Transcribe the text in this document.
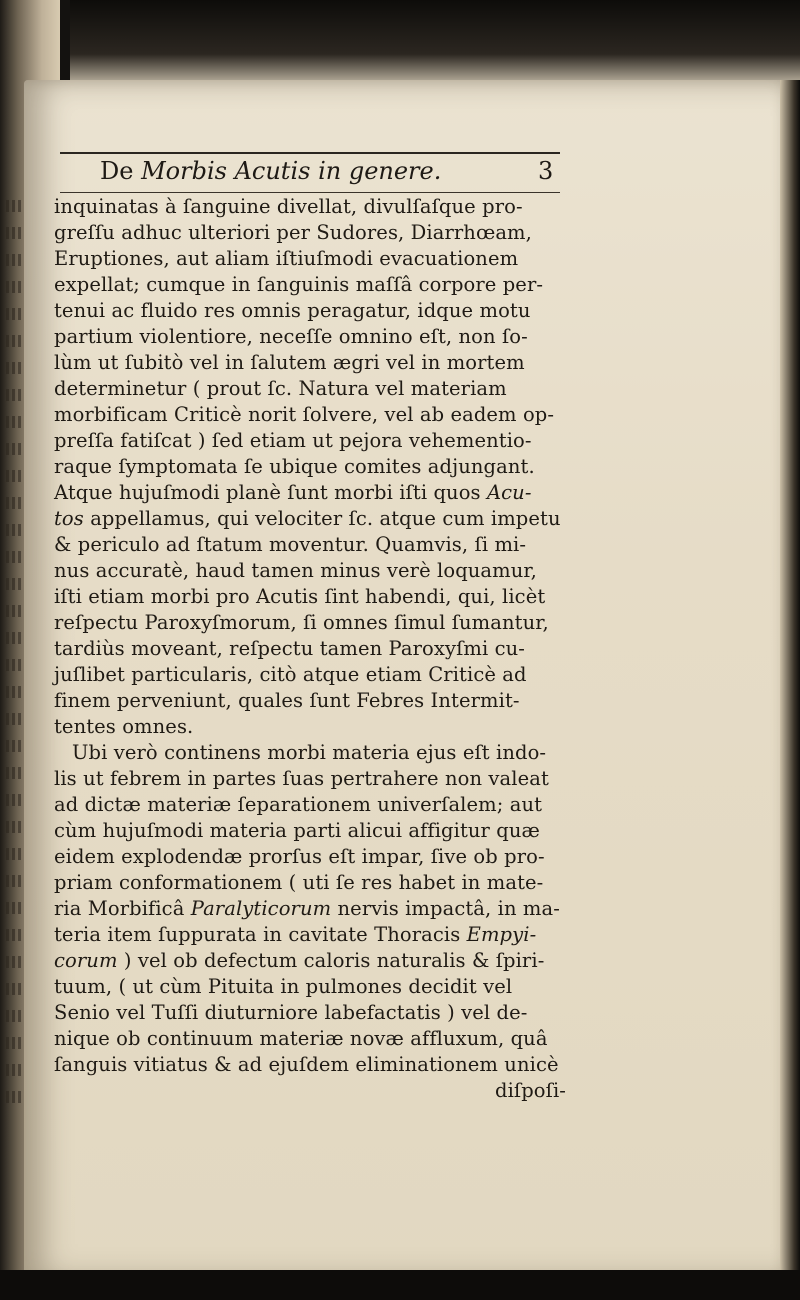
De Morbis Acutis in genere.	3
inquinatas à ſanguine divellat, divulſaſque pro-
greſſu adhuc ulteriori per Sudores, Diarrhœam,
Eruptiones, aut aliam iſtiuſmodi evacuationem
expellat; cumque in ſanguinis maſſâ corpore per-
tenui ac fluido res omnis peragatur, idque motu
partium violentiore, neceſſe omnino eſt, non ſo-
lùm ut ſubitò vel in ſalutem ægri vel in mortem
determinetur ( prout ſc. Natura vel materiam
morbificam Criticè norit ſolvere, vel ab eadem op-
preſſa fatiſcat ) ſed etiam ut pejora vehementio-
raque ſymptomata ſe ubique comites adjungant.
Atque hujuſmodi planè ſunt morbi iſti quos Acu-
tos appellamus, qui velociter ſc. atque cum impetu
& periculo ad ſtatum moventur. Quamvis, ſi mi-
nus accuratè, haud tamen minus verè loquamur,
iſti etiam morbi pro Acutis ſint habendi, qui, licèt
reſpectu Paroxyſmorum, ſi omnes ſimul ſumantur,
tardiùs moveant, reſpectu tamen Paroxyſmi cu-
juſlibet particularis, citò atque etiam Criticè ad
finem perveniunt, quales ſunt Febres Intermit-
tentes omnes.
Ubi verò continens morbi materia ejus eſt indo-
lis ut febrem in partes ſuas pertrahere non valeat
ad dictæ materiæ ſeparationem univerſalem; aut
cùm hujuſmodi materia parti alicui affigitur quæ
eidem explodendæ prorſus eſt impar, ſive ob pro-
priam conformationem ( uti ſe res habet in mate-
ria Morbificâ Paralyticorum nervis impactâ, in ma-
teria item ſuppurata in cavitate Thoracis Empyi-
corum ) vel ob defectum caloris naturalis & ſpiri-
tuum, ( ut cùm Pituita in pulmones decidit vel
Senio vel Tuſſi diuturniore labefactatis ) vel de-
nique ob continuum materiæ novæ affluxum, quâ
ſanguis vitiatus & ad ejuſdem eliminationem unicè
diſpoſi-
